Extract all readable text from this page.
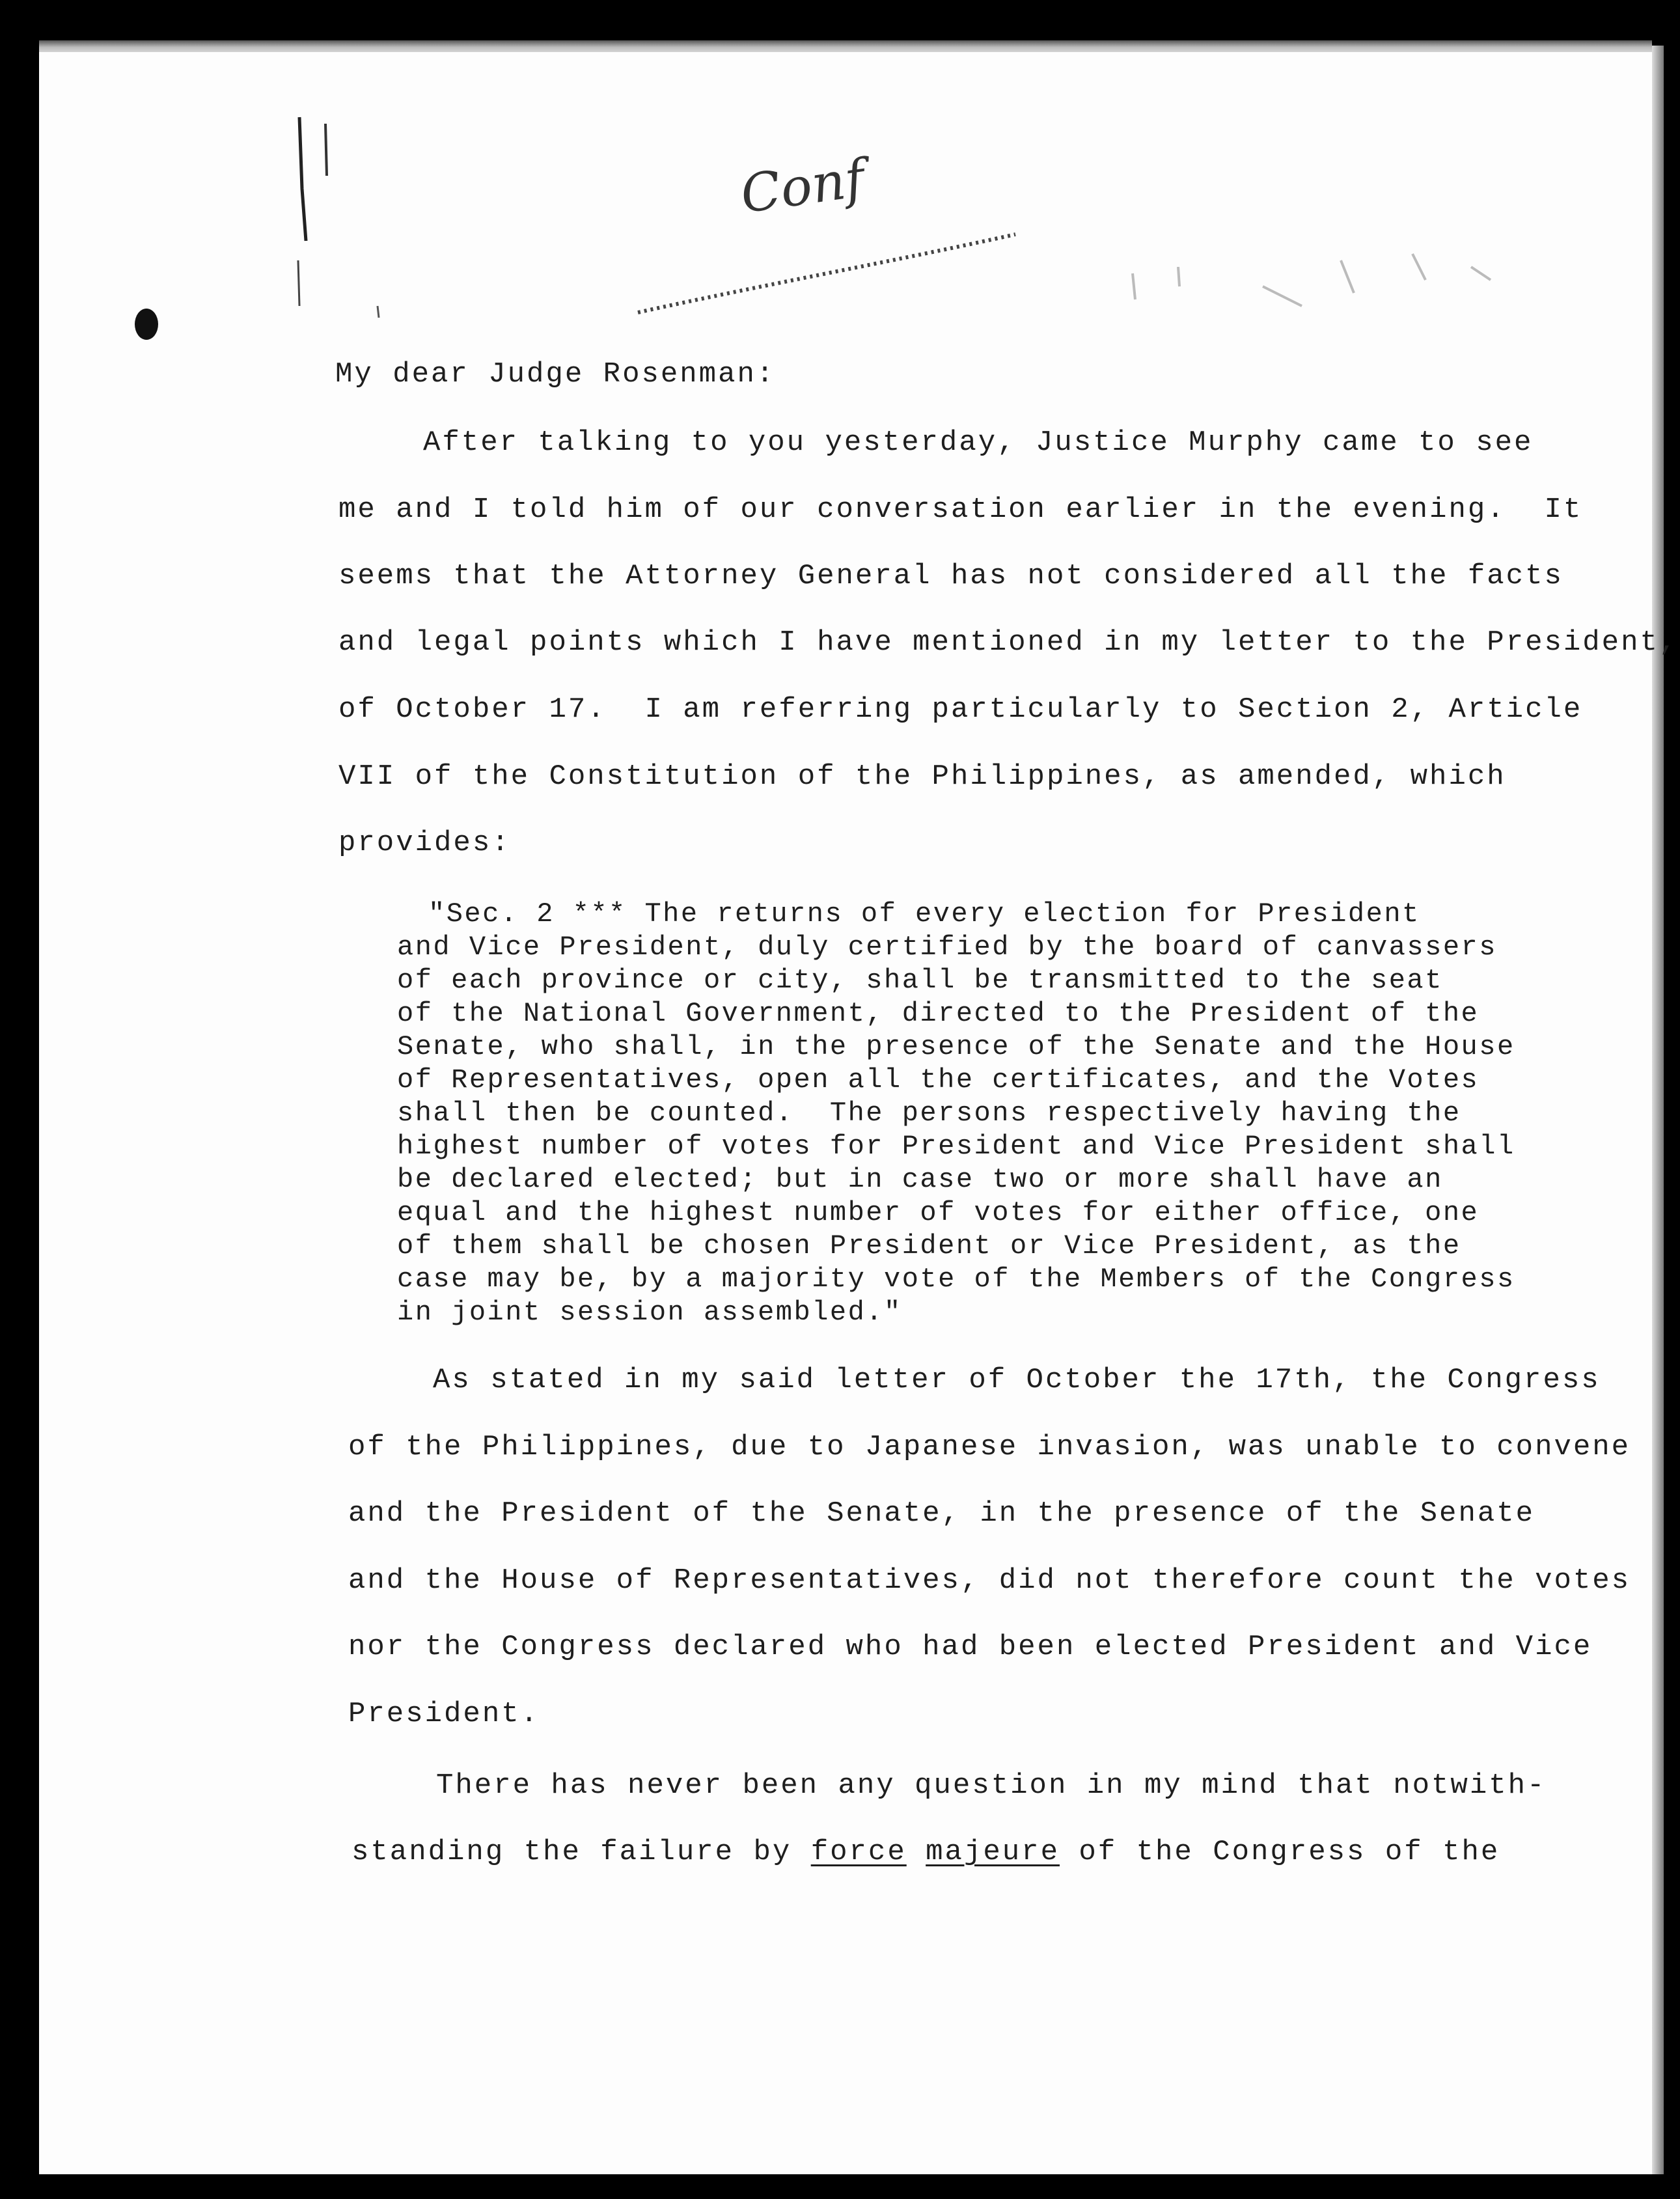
Conf
My dear Judge Rosenman:
After talking to you yesterday, Justice Murphy came to see
me and I told him of our conversation earlier in the evening.  It
seems that the Attorney General has not considered all the facts
and legal points which I have mentioned in my letter to the President,
of October 17.  I am referring particularly to Section 2, Article
VII of the Constitution of the Philippines, as amended, which
provides:
"Sec. 2 *** The returns of every election for President
and Vice President, duly certified by the board of canvassers
of each province or city, shall be transmitted to the seat
of the National Government, directed to the President of the
Senate, who shall, in the presence of the Senate and the House
of Representatives, open all the certificates, and the Votes
shall then be counted.  The persons respectively having the
highest number of votes for President and Vice President shall
be declared elected; but in case two or more shall have an
equal and the highest number of votes for either office, one
of them shall be chosen President or Vice President, as the
case may be, by a majority vote of the Members of the Congress
in joint session assembled."
As stated in my said letter of October the 17th, the Congress
of the Philippines, due to Japanese invasion, was unable to convene
and the President of the Senate, in the presence of the Senate
and the House of Representatives, did not therefore count the votes
nor the Congress declared who had been elected President and Vice
President.
There has never been any question in my mind that notwith-
standing the failure by force majeure of the Congress of the
